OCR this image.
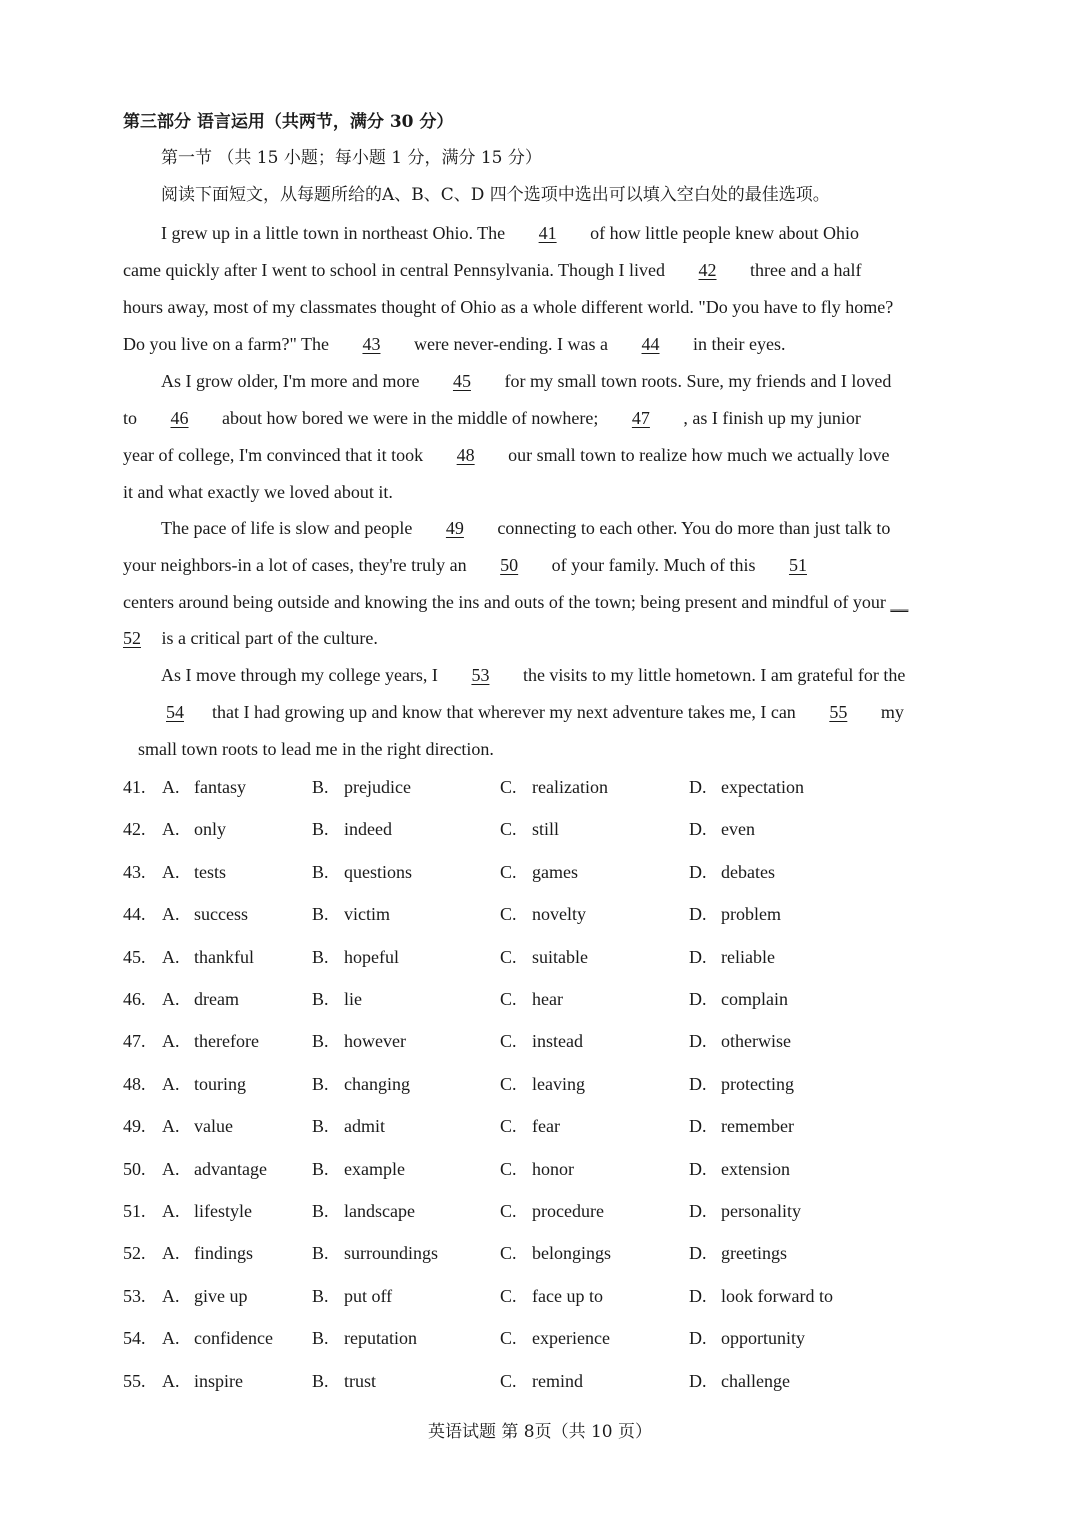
第三部分 语言运用（共两节，满分 30 分）
第一节 （共 15 小题；每小题 1 分，满分 15 分）
阅读下面短文，从每题所给的A、B、C、D 四个选项中选出可以填入空白处的最佳选项。
I grew up in a little town in northeast Ohio. The 41 of how little people knew about Ohio
came quickly after I went to school in central Pennsylvania. Though I lived 42 three and a half
hours away, most of my classmates thought of Ohio as a whole different world. "Do you have to fly home?
Do you live on a farm?" The 43 were never-ending. I was a 44 in their eyes.
As I grow older, I'm more and more 45 for my small town roots. Sure, my friends and I loved
to 46 about how bored we were in the middle of nowhere; 47 , as I finish up my junior
year of college, I'm convinced that it took 48 our small town to realize how much we actually love
it and what exactly we loved about it.
The pace of life is slow and people 49 connecting to each other. You do more than just talk to
your neighbors-in a lot of cases, they're truly an 50 of your family. Much of this 51
centers around being outside and knowing the ins and outs of the town; being present and mindful of your __
52 is a critical part of the culture.
As I move through my college years, I 53 the visits to my little hometown. I am grateful for the
54 that I had growing up and know that wherever my next adventure takes me, I can 55 my
small town roots to lead me in the right direction.
41. A. fantasy	B. prejudice	C. realization	D. expectation
42. A. only	B. indeed	C. still	D. even
43. A. tests	B. questions	C. games	D. debates
44. A. success	B. victim	C. novelty	D. problem
45. A. thankful	B. hopeful	C. suitable	D. reliable
46. A. dream	B. lie	C. hear	D. complain
47. A. therefore	B. however	C. instead	D. otherwise
48. A. touring	B. changing	C. leaving	D. protecting
49. A. value	B. admit	C. fear	D. remember
50. A. advantage	B. example	C. honor	D. extension
51. A. lifestyle	B. landscape	C. procedure	D. personality
52. A. findings	B. surroundings	C. belongings	D. greetings
53. A. give up	B. put off	C. face up to	D. look forward to
54. A. confidence B. reputation	C. experience	D. opportunity
55. A. inspire	B. trust	C. remind	D. challenge
英语试题 第 8页（共 10 页）
